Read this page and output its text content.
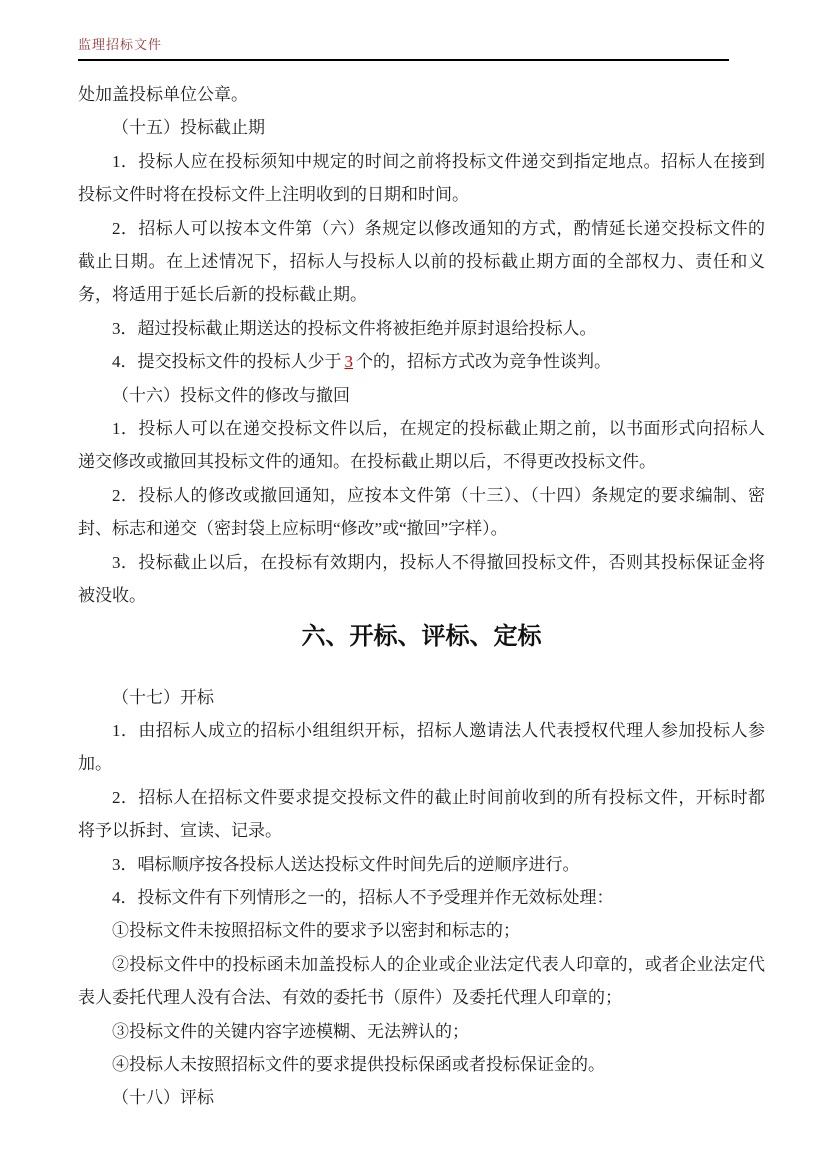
监理招标文件

处加盖投标单位公章。

（十五）投标截止期

1．投标人应在投标须知中规定的时间之前将投标文件递交到指定地点。招标人在接到投标文件时将在投标文件上注明收到的日期和时间。

2．招标人可以按本文件第（六）条规定以修改通知的方式，酌情延长递交投标文件的截止日期。在上述情况下，招标人与投标人以前的投标截止期方面的全部权力、责任和义务，将适用于延长后新的投标截止期。

3．超过投标截止期送达的投标文件将被拒绝并原封退给投标人。

4．提交投标文件的投标人少于 3 个的，招标方式改为竞争性谈判。

（十六）投标文件的修改与撤回

1．投标人可以在递交投标文件以后，在规定的投标截止期之前，以书面形式向招标人递交修改或撤回其投标文件的通知。在投标截止期以后，不得更改投标文件。

2．投标人的修改或撤回通知，应按本文件第（十三）、（十四）条规定的要求编制、密封、标志和递交（密封袋上应标明“修改”或“撤回”字样）。

3．投标截止以后，在投标有效期内，投标人不得撤回投标文件，否则其投标保证金将被没收。

六、开标、评标、定标

（十七）开标

1．由招标人成立的招标小组组织开标，招标人邀请法人代表授权代理人参加投标人参加。

2．招标人在招标文件要求提交投标文件的截止时间前收到的所有投标文件，开标时都将予以拆封、宣读、记录。

3．唱标顺序按各投标人送达投标文件时间先后的逆顺序进行。

4．投标文件有下列情形之一的，招标人不予受理并作无效标处理：

①投标文件未按照招标文件的要求予以密封和标志的；

②投标文件中的投标函未加盖投标人的企业或企业法定代表人印章的，或者企业法定代表人委托代理人没有合法、有效的委托书（原件）及委托代理人印章的；

③投标文件的关键内容字迹模糊、无法辨认的；

④投标人未按照招标文件的要求提供投标保函或者投标保证金的。

（十八）评标
